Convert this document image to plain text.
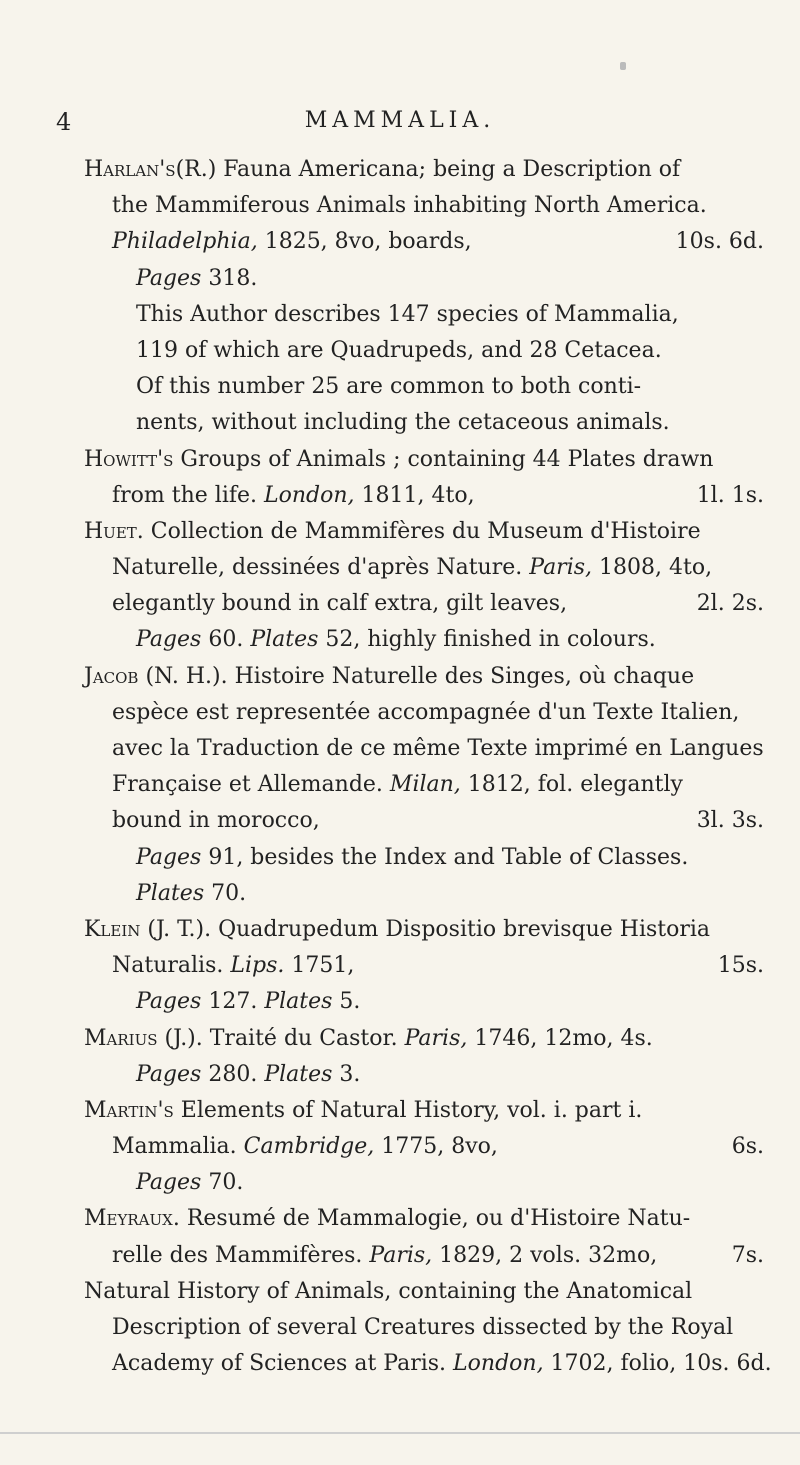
4	MAMMALIA.
Harlan's(R.) Fauna Americana; being a Description of
the Mammiferous Animals inhabiting North America.
Philadelphia, 1825, 8vo, boards,	10s. 6d.
Pages 318.
This Author describes 147 species of Mammalia,
119 of which are Quadrupeds, and 28 Cetacea.
Of this number 25 are common to both conti-
nents, without including the cetaceous animals.
Howitt's Groups of Animals ; containing 44 Plates drawn
from the life. London, 1811, 4to,	1l. 1s.
Huet. Collection de Mammifères du Museum d'Histoire
Naturelle, dessinées d'après Nature. Paris, 1808, 4to,
elegantly bound in calf extra, gilt leaves,	2l. 2s.
Pages 60. Plates 52, highly finished in colours.
Jacob (N. H.). Histoire Naturelle des Singes, où chaque
espèce est representée accompagnée d'un Texte Italien,
avec la Traduction de ce même Texte imprimé en Langues
Française et Allemande. Milan, 1812, fol. elegantly
bound in morocco,	3l. 3s.
Pages 91, besides the Index and Table of Classes.
Plates 70.
Klein (J. T.). Quadrupedum Dispositio brevisque Historia
Naturalis. Lips. 1751,	15s.
Pages 127. Plates 5.
Marius (J.). Traité du Castor. Paris, 1746, 12mo, 4s.
Pages 280. Plates 3.
Martin's Elements of Natural History, vol. i. part i.
Mammalia. Cambridge, 1775, 8vo,	6s.
Pages 70.
Meyraux. Resumé de Mammalogie, ou d'Histoire Natu-
relle des Mammifères. Paris, 1829, 2 vols. 32mo,	7s.
Natural History of Animals, containing the Anatomical
Description of several Creatures dissected by the Royal
Academy of Sciences at Paris. London, 1702, folio, 10s. 6d.
